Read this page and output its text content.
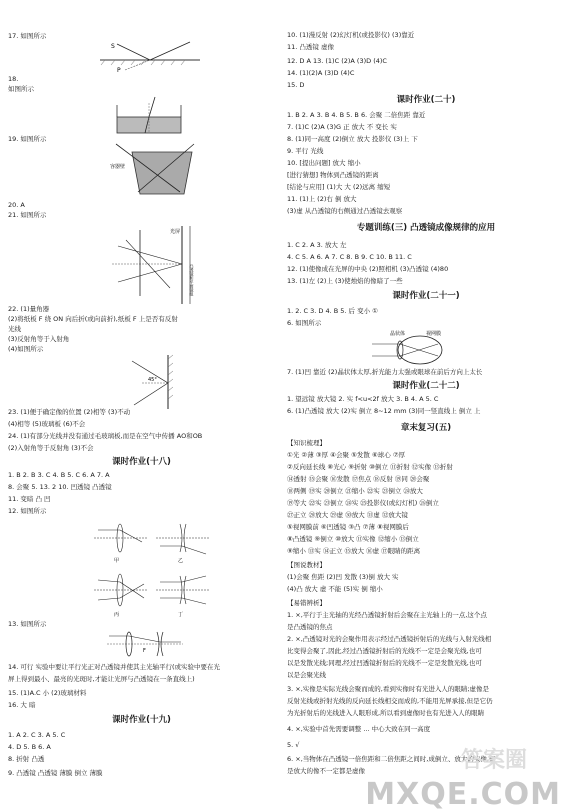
17. 如图所示
18.
如图所示
19. 如图所示
20. A
21. 如图所示
22. (1)量角器
(2)将纸板 F 绕 ON 向后折(或向前折),纸板 F 上是否有反射
光线
(3)反射角等于入射角
(4)如图所示
23. (1)便于确定像的位置 (2)相等 (3)不动
(4)相等 (5)玻璃板 (6)不会
24. (1)有部分光线并没有通过毛玻璃板,而是在空气中传播 AO和OB
(2)入射角等于反射角 (3)不会
1. B 2. B 3. C 4. B 5. C 6. A 7. A
8. 会聚 5. 13. 2 10. 凹透镜 凸透镜
11. 变暗 凸 凹
12. 如图所示
13. 如图所示
14. 可行 实验中要让平行光正对凸透镜并使其主光轴平行(或实验中要在光
屏上得到最小、最亮的光斑时,才能让光屏与凸透镜在一条直线上)
15. (1)A.C 小 (2)玻璃材料
16. 大 暗
1. A 2. C 3. A 5. C
4. D 5. B 6. A
8. 折射 凸透
9. 凸透镜 凸透镜 薄膜 倒立 薄膜
课时作业(十八)
课时作业(十九)
S
P
容器壁
光屏
凸透镜和平面镜组
45°
甲	乙
丙	丁
F
10. (1)漫反射 (2)幻灯机(或投影仪) (3)靠近
11. 凸透镜 虚像
12. D A 13. (1)C (2)A (3)D (4)C
14. (1)(2)A (3)D (4)C
15. D
1. B 2. A 3. B 4. B 5. B 6. 会聚 二倍焦距 靠近
7. (1)C (2)A (3)G 正 放大 不 变长 实
8. (1)同一高度 (2)倒立 放大 投影仪 (3)上 下
9. 平行 光线
10. [提出问题] 放大 缩小
[进行猜想] 物体到凸透镜的距离
[结论与应用] (1)大 大 (2)远离 缩短
11. (1)上 (2)右 倒 放大
(3)虚 从凸透镜的右侧通过凸透镜去观察
1. C 2. A 3. 放大 左
4. C 5. A 6. A 7. C 8. B 9. C 10. B 11. C
12. (1)使像成在光屏的中央 (2)照相机 (3)凸透镜 (4)80
13. (1)左 (2)上 (3)使烛焰的像暗了一些
1. 2. C 3. D 4. B 5. 后 变小 ①
6. 如图所示
7. (1)凹 靠近 (2)晶状体太厚,折光能力太强或眼球在前后方向上太长
1. 望远镜 放大镜 2. 实 f<u<2f 放大 3. B 4. A 5. C
6. (1)凸透镜 放大 (2)实 倒立 8~12 mm (3)同一竖直线上 倒立 上
【知识梳理】
①光 ②薄 ③厚 ④会聚 ⑤发散 ⑥球心 ⑦厚
②反向延长线 ⑧光心 ⑨折射 ⑩倒立 ⑪折射 ⑫实像 ⑬折射
⑭透射 ⑮会聚 ⑯发散 ⑰焦点 ⑱反射 ⑲同 ⑳会聚
⑱两侧 ⑲实 ⑳倒立 ㉑缩小 ㉒实 ㉓倒立 ㉔放大
⑲等大 ㉒实 ㉓倒立 ㉔实 ㉕投影仪(或幻灯机) ㉖倒立
㉗正立 ㉘放大 ㉙虚 ㉚放大 ㉛虚 ㉜放大镜
⑤视网膜前 ⑥凹透镜 ③凸 ⑦薄 ⑧视网膜后
⑧凸透镜 ⑨倒立 ⑩放大 ⑪实像 ⑫缩小 ⑬倒立
⑨缩小 ⑬实 ⑭正立 ⑮放大 ⑯虚 ⑰眼睛的距离
【图说教材】
(1)会聚 焦距 (2)凹 发散 (3)倒 放大 实
(4)凸 放大 虚 不能 (5)实 倒 缩小
【易错辨析】
1. ×,平行于主光轴的光经凸透镜折射后会聚在主光轴上的一点,这个点
是凸透镜的焦点
2. ×,凸透镜对光的会聚作用表示经过凸透镜折射后的光线与入射光线相
比变得会聚了,因此,经过凸透镜折射后的光线不一定是会聚光线,也可
以是发散光线;同理,经过凹透镜折射后的光线不一定是发散光线,也可
以是会聚光线
3. ×,实像是实际光线会聚而成的,看到实像时有光进入人的眼睛;虚像是
反射光线或折射光线的反向延长线相交而成的,不能用光屏承接,但是它仍
为光折射后的光线进入人眼形成,所以看到虚像时也有光进入人的眼睛
4. ×,实验中首先需要调整 ... 中心大致在同一高度
5. √
6. ×,当物体在凸透镜一倍焦距和二倍焦距之间时,成倒立、放大的实像,但
是放大的像不一定都是虚像
课时作业(二十)
专题训练(三) 凸透镜成像规律的应用
课时作业(二十一)
课时作业(二十二)
章末复习(五)
晶状体	视网膜
答案圈
MXQE.COM
